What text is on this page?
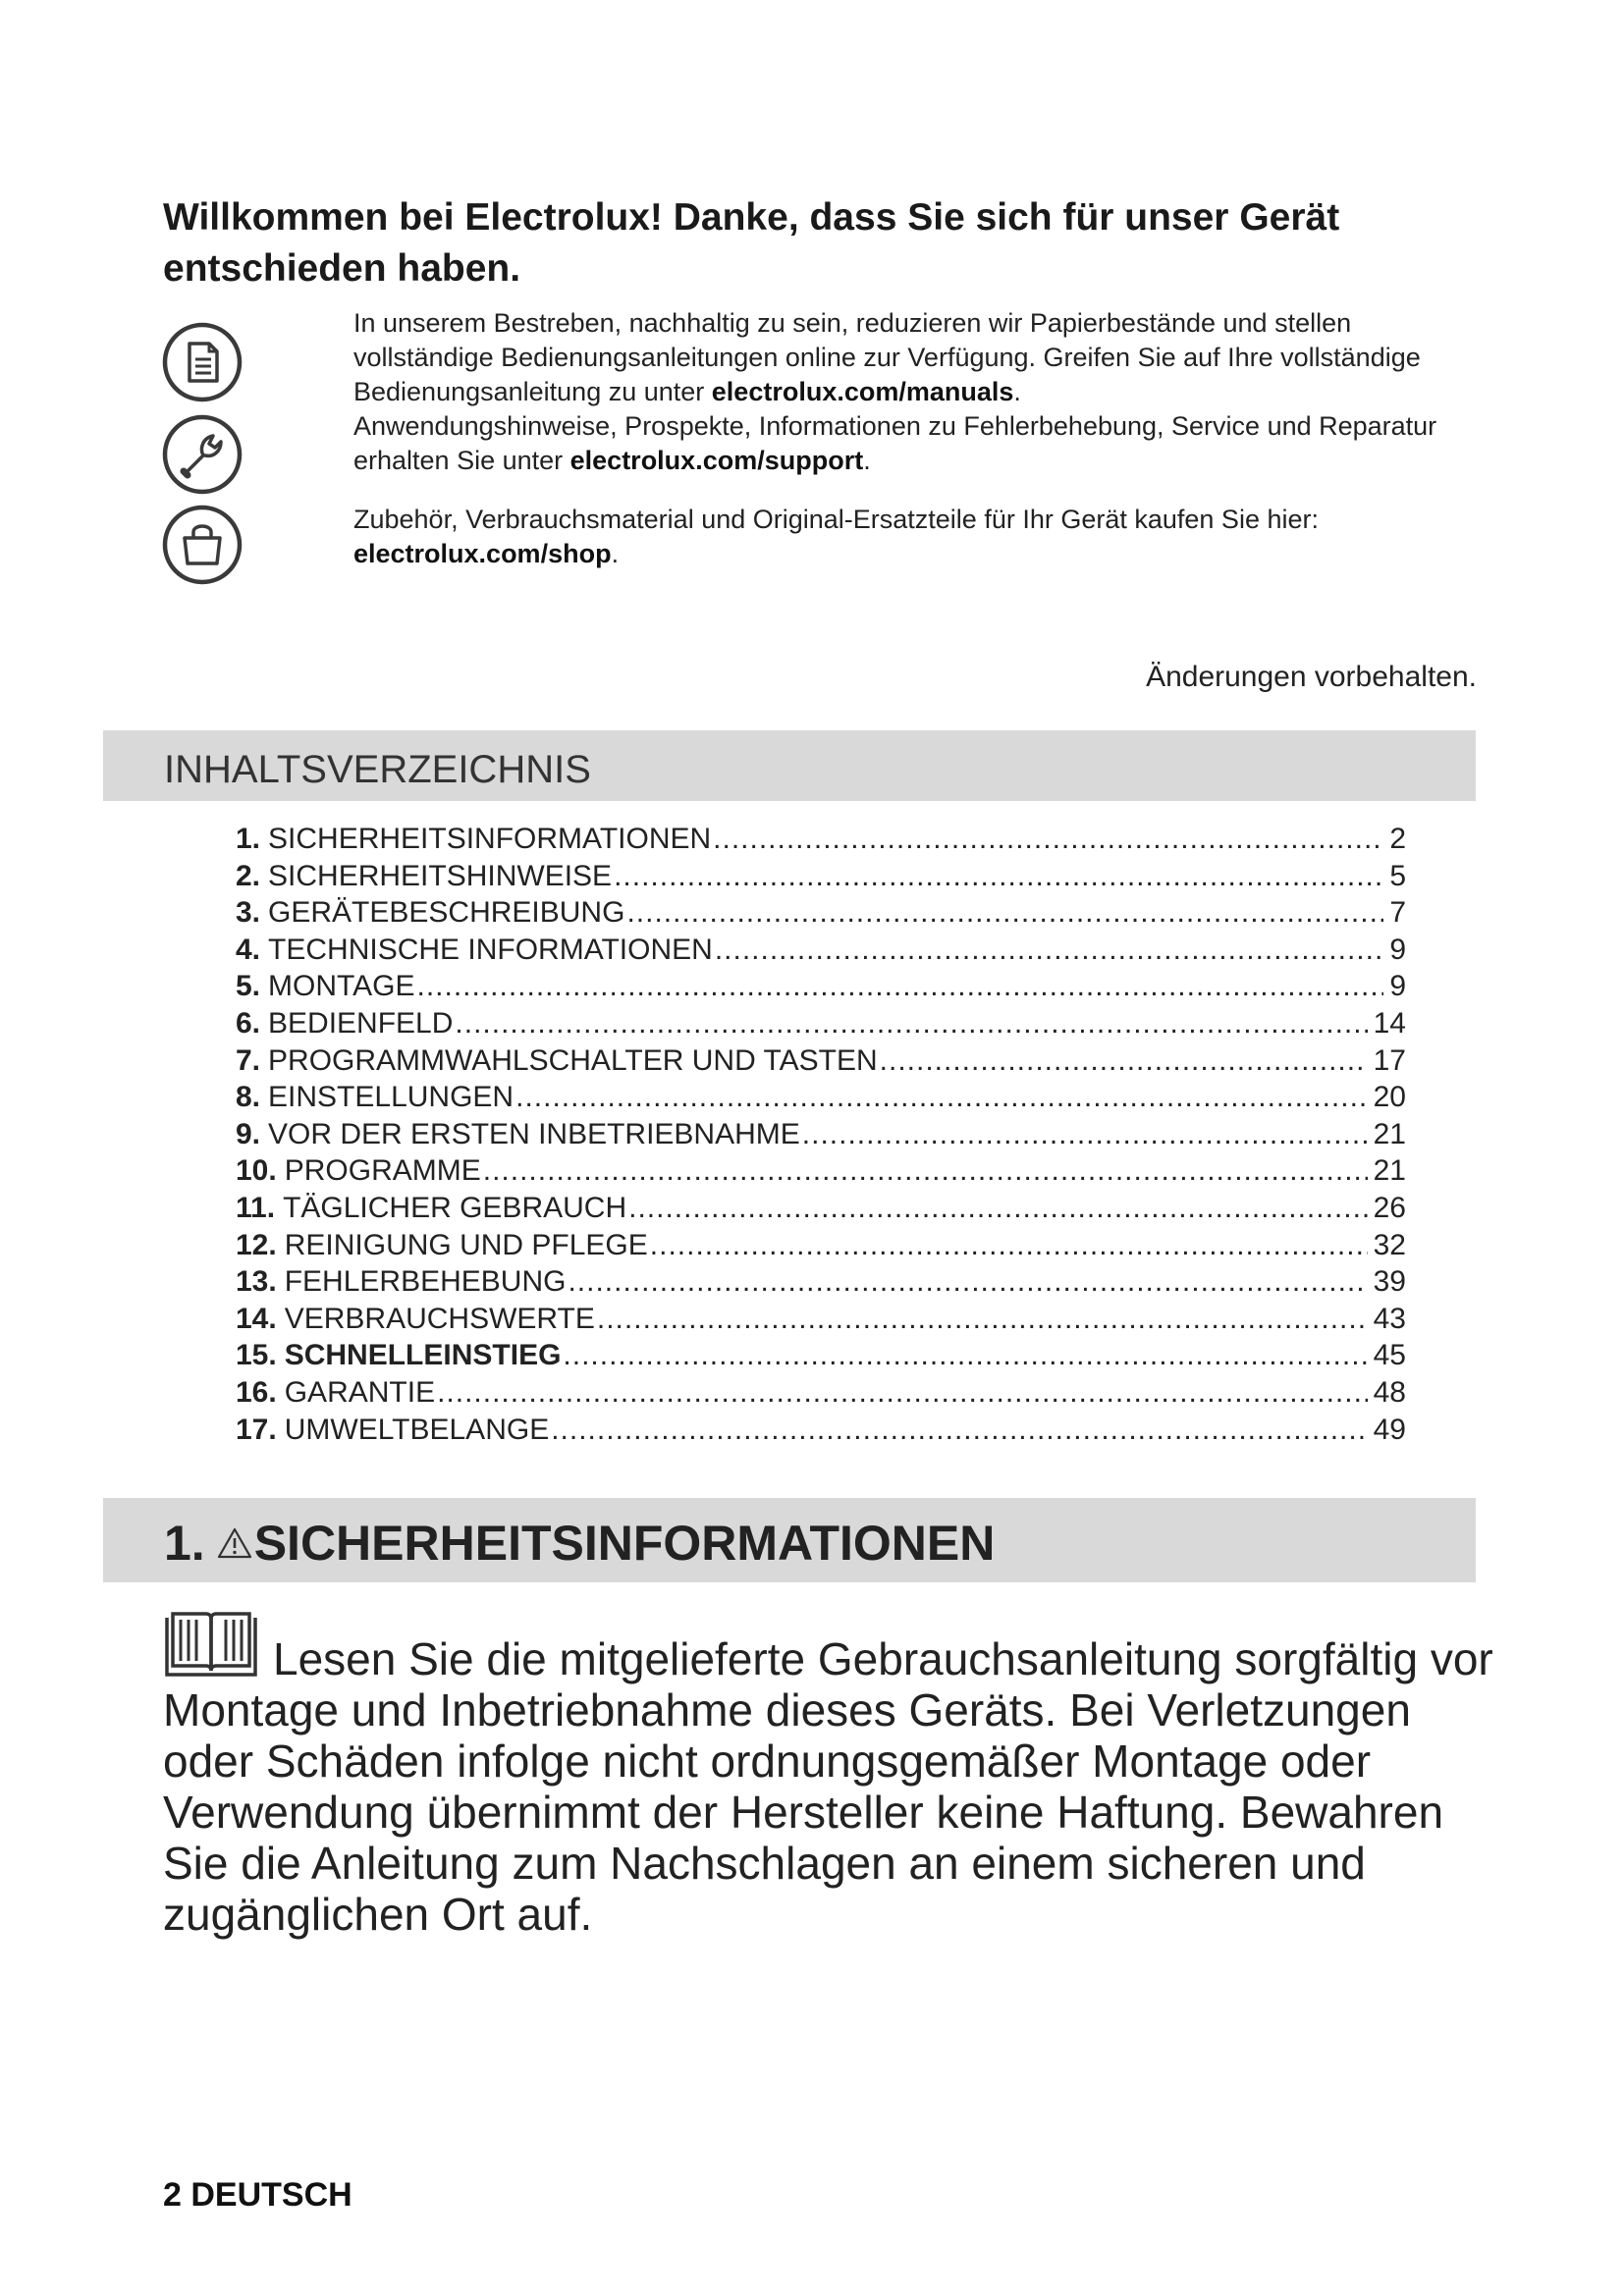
Willkommen bei Electrolux! Danke, dass Sie sich für unser Gerät entschieden haben.

In unserem Bestreben, nachhaltig zu sein, reduzieren wir Papierbestände und stellen vollständige Bedienungsanleitungen online zur Verfügung. Greifen Sie auf Ihre vollständige Bedienungsanleitung zu unter electrolux.com/manuals.
Anwendungshinweise, Prospekte, Informationen zu Fehlerbehebung, Service und Reparatur erhalten Sie unter electrolux.com/support.

Zubehör, Verbrauchsmaterial und Original-Ersatzteile für Ihr Gerät kaufen Sie hier:
electrolux.com/shop.

Änderungen vorbehalten.
INHALTSVERZEICHNIS
1. SICHERHEITSINFORMATIONEN .....	2
2. SICHERHEITSHINWEISE .....	5
3. GERÄTEBESCHREIBUNG .....	7
4. TECHNISCHE INFORMATIONEN .....	9
5. MONTAGE .....	9
6. BEDIENFELD .....	14
7. PROGRAMMWAHLSCHALTER UND TASTEN .....	17
8. EINSTELLUNGEN .....	20
9. VOR DER ERSTEN INBETRIEBNAHME .....	21
10. PROGRAMME .....	21
11. TÄGLICHER GEBRAUCH .....	26
12. REINIGUNG UND PFLEGE .....	32
13. FEHLERBEHEBUNG .....	39
14. VERBRAUCHSWERTE .....	43
15. SCHNELLEINSTIEG .....	45
16. GARANTIE .....	48
17. UMWELTBELANGE .....	49
1. SICHERHEITSINFORMATIONEN

Lesen Sie die mitgelieferte Gebrauchsanleitung sorgfältig vor Montage und Inbetriebnahme dieses Geräts. Bei Verletzungen oder Schäden infolge nicht ordnungsgemäßer Montage oder Verwendung übernimmt der Hersteller keine Haftung. Bewahren Sie die Anleitung zum Nachschlagen an einem sicheren und zugänglichen Ort auf.

2 DEUTSCH
